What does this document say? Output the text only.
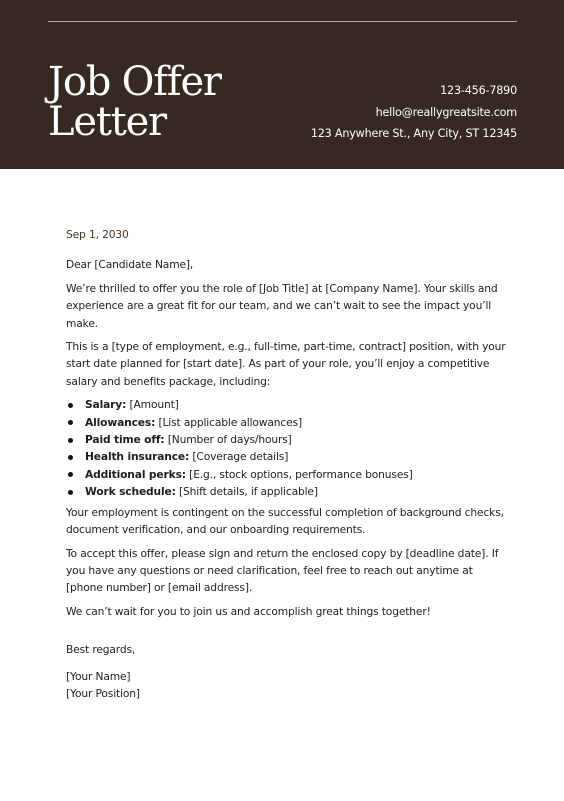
Job Offer
Letter
123-456-7890
hello@reallygreatsite.com
123 Anywhere St., Any City, ST 12345
Sep 1, 2030

Dear [Candidate Name],

We’re thrilled to offer you the role of [Job Title] at [Company Name]. Your skills and experience are a great fit for our team, and we can’t wait to see the impact you’ll make.

This is a [type of employment, e.g., full-time, part-time, contract] position, with your start date planned for [start date]. As part of your role, you’ll enjoy a competitive salary and benefits package, including:

Salary: [Amount]
Allowances: [List applicable allowances]
Paid time off: [Number of days/hours]
Health insurance: [Coverage details]
Additional perks: [E.g., stock options, performance bonuses]
Work schedule: [Shift details, if applicable]

Your employment is contingent on the successful completion of background checks, document verification, and our onboarding requirements.

To accept this offer, please sign and return the enclosed copy by [deadline date]. If you have any questions or need clarification, feel free to reach out anytime at [phone number] or [email address].

We can’t wait for you to join us and accomplish great things together!

Best regards,
[Your Name]
[Your Position]
